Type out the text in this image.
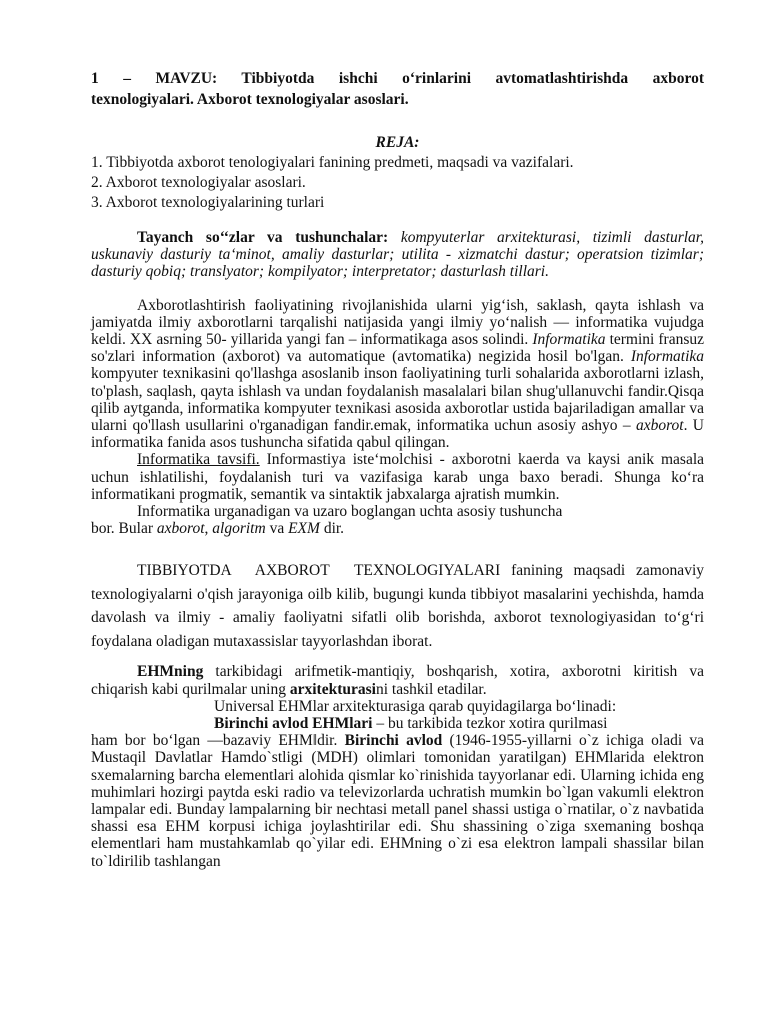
1 – MAVZU: Tibbiyotda ishchi o‘rinlarini avtomatlashtirishda axborot

texnologiyalari. Axborot texnologiyalar asoslari.

REJA:

1. Tibbiyotda axborot tenologiyalari fanining predmeti, maqsadi va vazifalari.

2. Axborot texnologiyalar asoslari.

3. Axborot texnologiyalarining turlari

Tayanch so‘‘zlar va tushunchalar: kompyuterlar arxitekturasi, tizimli dasturlar, uskunaviy dasturiy ta‘minot, amaliy dasturlar; utilita - xizmatchi dastur; operatsion tizimlar; dasturiy qobiq; translyator; kompilyator; interpretator; dasturlash tillari.

Axborotlashtirish faoliyatining rivojlanishida ularni yig‘ish, saklash, qayta ishlash va jamiyatda ilmiy axborotlarni tarqalishi natijasida yangi ilmiy yo‘nalish — informatika vujudga keldi. XX asrning 50- yillarida yangi fan – informatikaga asos solindi. Informatika termini fransuz so'zlari information (axborot) va automatique (avtomatika) negizida hosil bo'lgan. Informatika kompyuter texnikasini qo'llashga asoslanib inson faoliyatining turli sohalarida axborotlarni izlash, to'plash, saqlash, qayta ishlash va undan foydalanish masalalari bilan shug'ullanuvchi fandir.Qisqa qilib aytganda, informatika kompyuter texnikasi asosida axborotlar ustida bajariladigan amallar va ularni qo'llash usullarini o'rganadigan fandir.emak, informatika uchun asosiy ashyo – axborot. U informatika fanida asos tushuncha sifatida qabul qilingan.

Informatika tavsifi. Informastiya iste‘molchisi - axborotni kaerda va kaysi anik masala uchun ishlatilishi, foydalanish turi va vazifasiga karab unga baxo beradi. Shunga ko‘ra informatikani progmatik, semantik va sintaktik jabxalarga ajratish mumkin.

Informatika urganadigan va uzaro boglangan uchta asosiy tushuncha

bor. Bular axborot, algoritm va EXM dir.

TIBBIYOTDA AXBOROT TEXNOLOGIYALARI fanining maqsadi zamonaviy texnologiyalarni o'qish jarayoniga oilb kilib, bugungi kunda tibbiyot masalarini yechishda, hamda davolash va ilmiy - amaliy faoliyatni sifatli olib borishda, axborot texnologiyasidan to‘g‘ri foydalana oladigan mutaxassislar tayyorlashdan iborat.

EHMning tarkibidagi arifmetik-mantiqiy, boshqarish, xotira, axborotni kiritish va chiqarish kabi qurilmalar uning arxitekturasini tashkil etadilar.

Universal EHMlar arxitekturasiga qarab quyidagilarga bo‘linadi:

Birinchi avlod EHMlari – bu tarkibida tezkor xotira qurilmasi

ham bor bo‘lgan —bazaviy EHM‖dir. Birinchi avlod (1946-1955-yillarni o`z ichiga oladi va Mustaqil Davlatlar Hamdo`stligi (MDH) olimlari tomonidan yaratilgan) EHMlarida elektron sxemalarning barcha elementlari alohida qismlar ko`rinishida tayyorlanar edi. Ularning ichida eng muhimlari hozirgi paytda eski radio va televizorlarda uchratish mumkin bo`lgan vakumli elektron lampalar edi. Bunday lampalarning bir nechtasi metall panel shassi ustiga o`rnatilar, o`z navbatida shassi esa EHM korpusi ichiga joylashtirilar edi. Shu shassining o`ziga sxemaning boshqa elementlari ham mustahkamlab qo`yilar edi. EHMning o`zi esa elektron lampali shassilar bilan to`ldirilib tashlangan
